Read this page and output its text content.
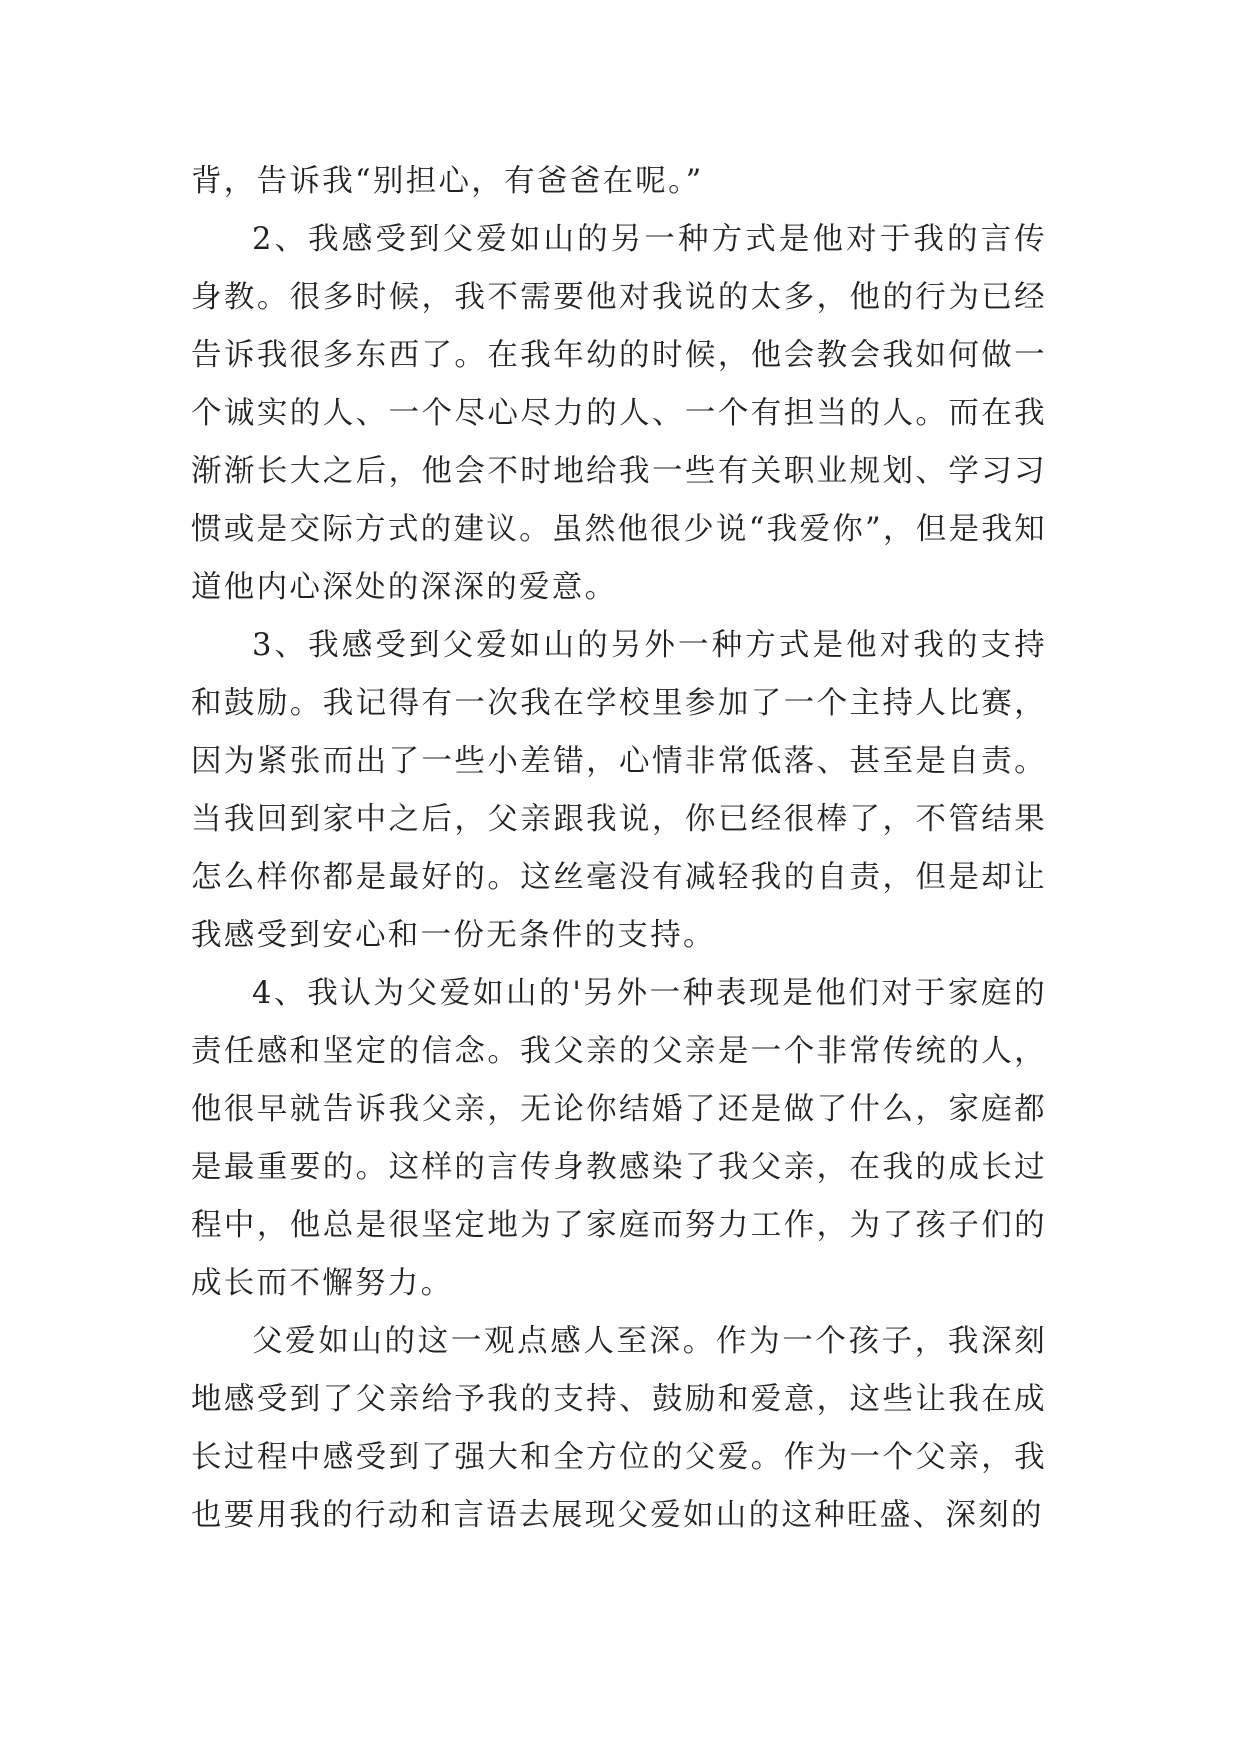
背，告诉我“别担心，有爸爸在呢。”

2、我感受到父爱如山的另一种方式是他对于我的言传身教。很多时候，我不需要他对我说的太多，他的行为已经告诉我很多东西了。在我年幼的时候，他会教会我如何做一个诚实的人、一个尽心尽力的人、一个有担当的人。而在我渐渐长大之后，他会不时地给我一些有关职业规划、学习习惯或是交际方式的建议。虽然他很少说“我爱你”，但是我知道他内心深处的深深的爱意。

3、我感受到父爱如山的另外一种方式是他对我的支持和鼓励。我记得有一次我在学校里参加了一个主持人比赛，因为紧张而出了一些小差错，心情非常低落、甚至是自责。当我回到家中之后，父亲跟我说，你已经很棒了，不管结果怎么样你都是最好的。这丝毫没有减轻我的自责，但是却让我感受到安心和一份无条件的支持。

4、我认为父爱如山的'另外一种表现是他们对于家庭的责任感和坚定的信念。我父亲的父亲是一个非常传统的人，他很早就告诉我父亲，无论你结婚了还是做了什么，家庭都是最重要的。这样的言传身教感染了我父亲，在我的成长过程中，他总是很坚定地为了家庭而努力工作，为了孩子们的成长而不懈努力。

父爱如山的这一观点感人至深。作为一个孩子，我深刻地感受到了父亲给予我的支持、鼓励和爱意，这些让我在成长过程中感受到了强大和全方位的父爱。作为一个父亲，我也要用我的行动和言语去展现父爱如山的这种旺盛、深刻的
